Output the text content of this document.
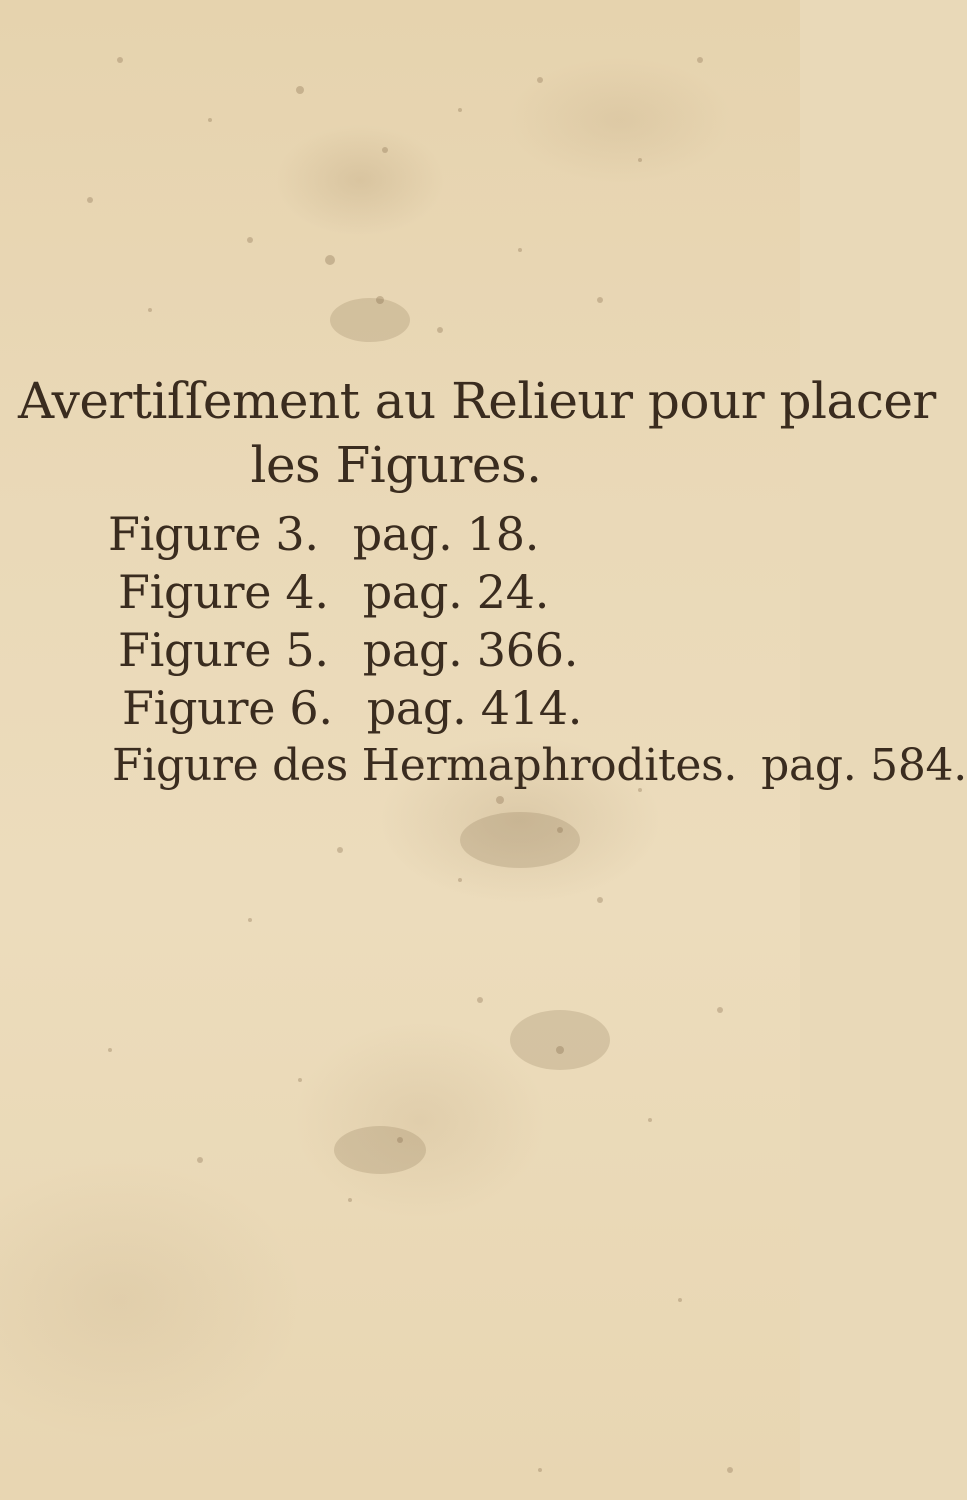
Avertiſſement au Relieur pour placer
les Figures.
Figure 3. pag. 18.
Figure 4. pag. 24.
Figure 5. pag. 366.
Figure 6. pag. 414.
Figure des Hermaphrodites. pag. 584.
